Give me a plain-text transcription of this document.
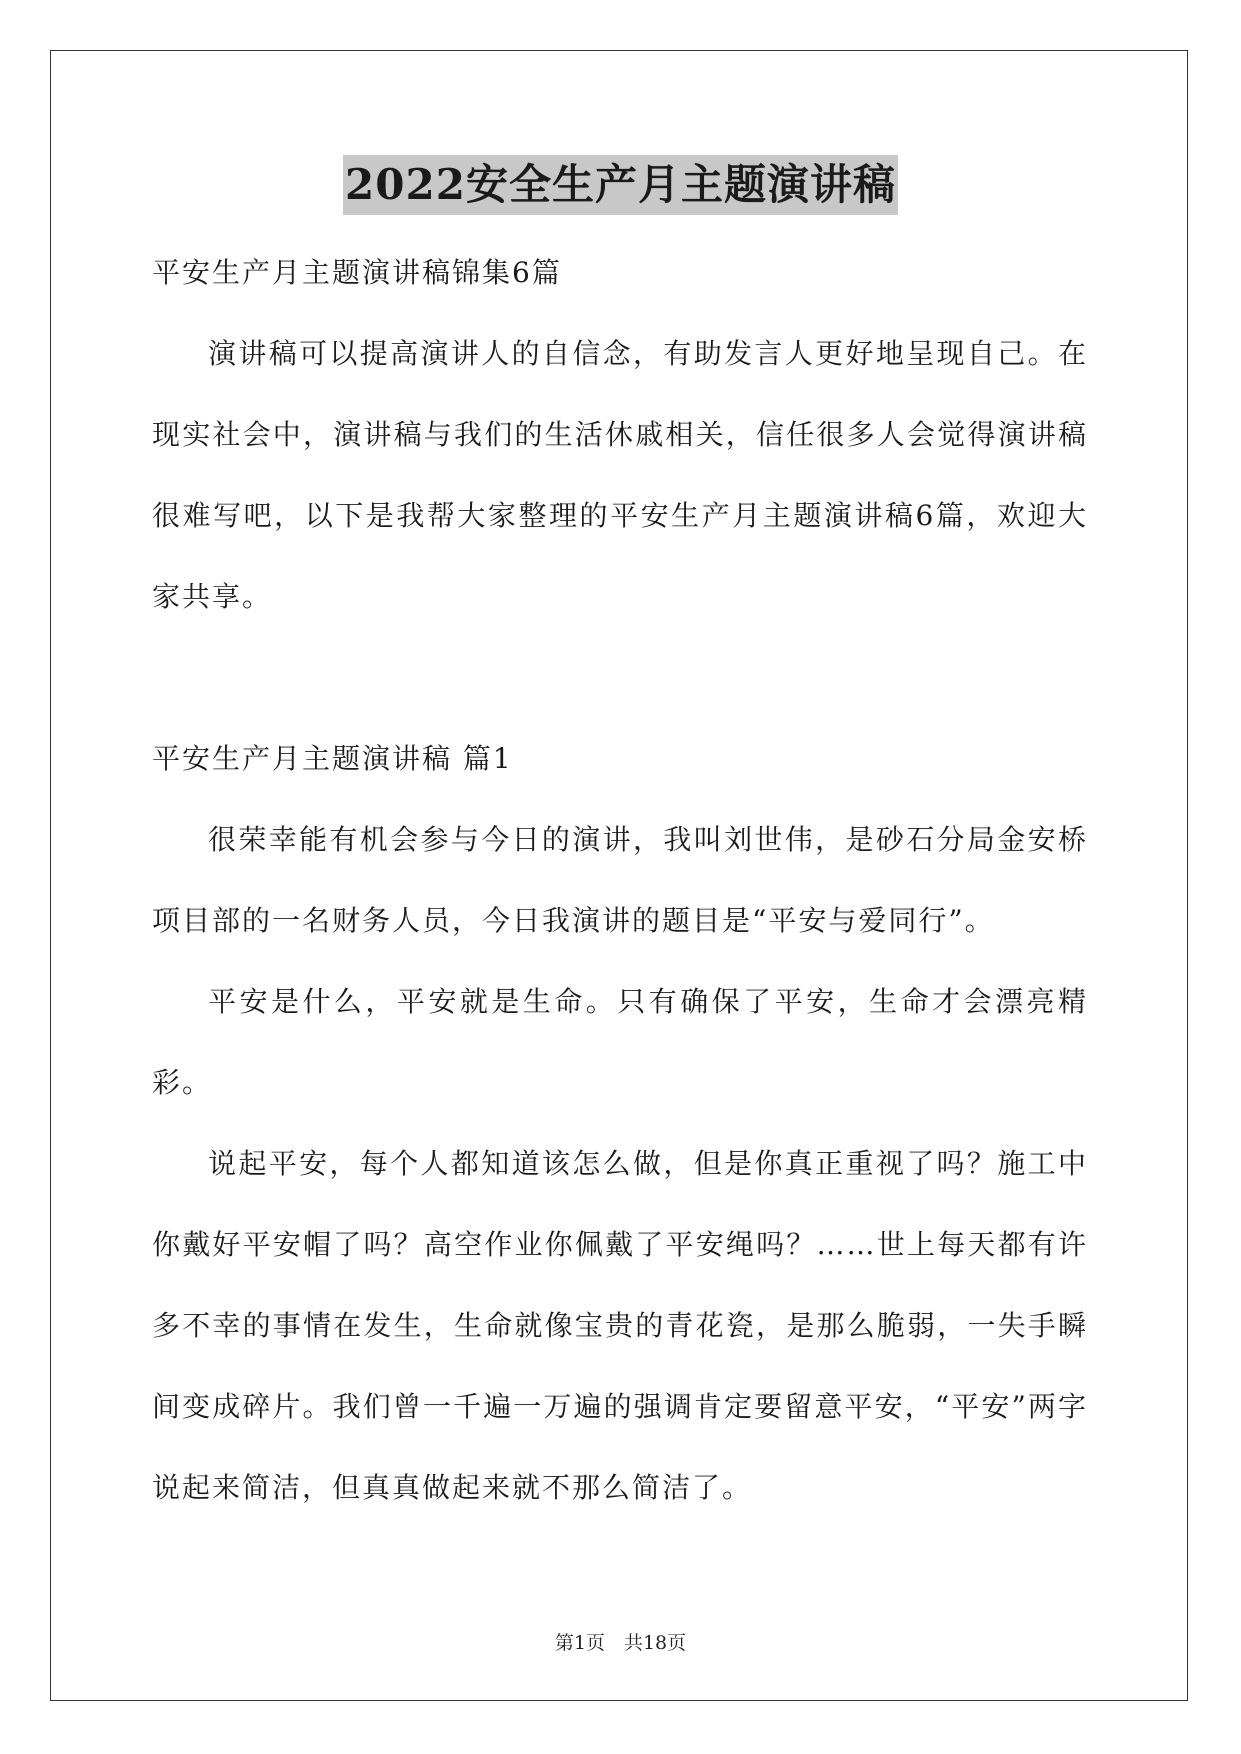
2022安全生产月主题演讲稿

平安生产月主题演讲稿锦集6篇

演讲稿可以提高演讲人的自信念，有助发言人更好地呈现自己。在现实社会中，演讲稿与我们的生活休戚相关，信任很多人会觉得演讲稿很难写吧，以下是我帮大家整理的平安生产月主题演讲稿6篇，欢迎大家共享。

平安生产月主题演讲稿 篇1

很荣幸能有机会参与今日的演讲，我叫刘世伟，是砂石分局金安桥项目部的一名财务人员，今日我演讲的题目是“平安与爱同行”。

平安是什么，平安就是生命。只有确保了平安，生命才会漂亮精彩。

说起平安，每个人都知道该怎么做，但是你真正重视了吗？施工中你戴好平安帽了吗？高空作业你佩戴了平安绳吗？……世上每天都有许多不幸的事情在发生，生命就像宝贵的青花瓷，是那么脆弱，一失手瞬间变成碎片。我们曾一千遍一万遍的强调肯定要留意平安，“平安”两字说起来简洁，但真真做起来就不那么简洁了。

第1页　共18页
